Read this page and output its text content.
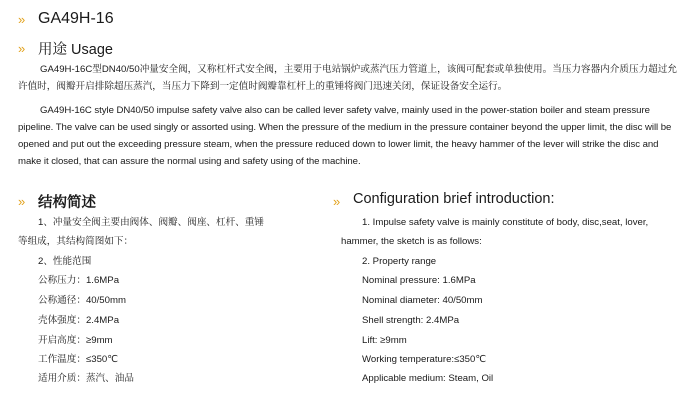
» GA49H-16
» 用途 Usage

GA49H-16C型DN40/50冲量安全阀，又称杠杆式安全阀，主要用于电站锅炉或蒸汽压力管道上，该阀可配套或单独使用。当压力容器内介质压力超过允许值时，阀瓣开启排除超压蒸汽，当压力下降到一定值时阀瓣靠杠杆上的重锤将阀门迅速关闭，保证设备安全运行。

GA49H-16C style DN40/50 impulse safety valve also can be called lever safety valve, mainly used in the power-station boiler and steam pressure pipeline. The valve can be used singly or assorted using. When the pressure of the medium in the pressure container beyond the upper limit, the disc will be opened and put out the exceeding pressure steam, when the pressure reduced down to lower limit, the heavy hammer of the lever will strike the disc and make it closed, that can assure the normal using and safety using of the machine.

» 结构简述
1、冲量安全阀主要由阀体、阀瓣、阀座、杠杆、重锤
等组成，其结构简图如下：
2、性能范围
公称压力：1.6MPa
公称通径：40/50mm
壳体强度：2.4MPa
开启高度：≥9mm
工作温度：≤350℃
适用介质：蒸汽、油品
» Configuration brief introduction:
1. Impulse safety valve is mainly constitute of body, disc,seat, lover,
hammer, the sketch is as follows:
2. Property range
Nominal pressure: 1.6MPa
Nominal diameter: 40/50mm
Shell strength: 2.4MPa
Lift: ≥9mm
Working temperature:≤350℃
Applicable medium: Steam, Oil
